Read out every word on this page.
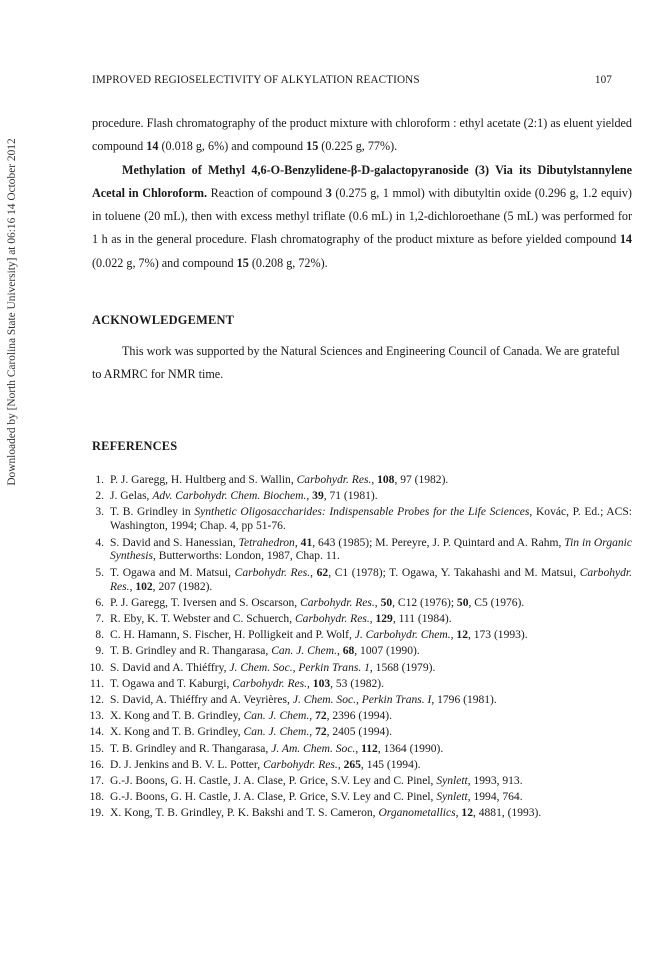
IMPROVED REGIOSELECTIVITY OF ALKYLATION REACTIONS	107
Downloaded by [North Carolina State University] at 06:16 14 October 2012

procedure. Flash chromatography of the product mixture with chloroform : ethyl acetate (2:1) as eluent yielded compound 14 (0.018 g, 6%) and compound 15 (0.225 g, 77%).

Methylation of Methyl 4,6-O-Benzylidene-β-D-galactopyranoside (3) Via its Dibutylstannylene Acetal in Chloroform. Reaction of compound 3 (0.275 g, 1 mmol) with dibutyltin oxide (0.296 g, 1.2 equiv) in toluene (20 mL), then with excess methyl triflate (0.6 mL) in 1,2-dichloroethane (5 mL) was performed for 1 h as in the general procedure. Flash chromatography of the product mixture as before yielded compound 14 (0.022 g, 7%) and compound 15 (0.208 g, 72%).

ACKNOWLEDGEMENT

This work was supported by the Natural Sciences and Engineering Council of Canada. We are grateful to ARMRC for NMR time.

REFERENCES
1. P. J. Garegg, H. Hultberg and S. Wallin, Carbohydr. Res., 108, 97 (1982).
2. J. Gelas, Adv. Carbohydr. Chem. Biochem., 39, 71 (1981).
3. T. B. Grindley in Synthetic Oligosaccharides: Indispensable Probes for the Life Sciences, Kovác, P. Ed.; ACS: Washington, 1994; Chap. 4, pp 51-76.
4. S. David and S. Hanessian, Tetrahedron, 41, 643 (1985); M. Pereyre, J. P. Quintard and A. Rahm, Tin in Organic Synthesis, Butterworths: London, 1987, Chap. 11.
5. T. Ogawa and M. Matsui, Carbohydr. Res., 62, C1 (1978); T. Ogawa, Y. Takahashi and M. Matsui, Carbohydr. Res., 102, 207 (1982).
6. P. J. Garegg, T. Iversen and S. Oscarson, Carbohydr. Res., 50, C12 (1976); 50, C5 (1976).
7. R. Eby, K. T. Webster and C. Schuerch, Carbohydr. Res., 129, 111 (1984).
8. C. H. Hamann, S. Fischer, H. Polligkeit and P. Wolf, J. Carbohydr. Chem., 12, 173 (1993).
9. T. B. Grindley and R. Thangarasa, Can. J. Chem., 68, 1007 (1990).
10. S. David and A. Thiéffry, J. Chem. Soc., Perkin Trans. 1, 1568 (1979).
11. T. Ogawa and T. Kaburgi, Carbohydr. Res., 103, 53 (1982).
12. S. David, A. Thiéffry and A. Veyrières, J. Chem. Soc., Perkin Trans. I, 1796 (1981).
13. X. Kong and T. B. Grindley, Can. J. Chem., 72, 2396 (1994).
14. X. Kong and T. B. Grindley, Can. J. Chem., 72, 2405 (1994).
15. T. B. Grindley and R. Thangarasa, J. Am. Chem. Soc., 112, 1364 (1990).
16. D. J. Jenkins and B. V. L. Potter, Carbohydr. Res., 265, 145 (1994).
17. G.-J. Boons, G. H. Castle, J. A. Clase, P. Grice, S.V. Ley and C. Pinel, Synlett, 1993, 913.
18. G.-J. Boons, G. H. Castle, J. A. Clase, P. Grice, S.V. Ley and C. Pinel, Synlett, 1994, 764.
19. X. Kong, T. B. Grindley, P. K. Bakshi and T. S. Cameron, Organometallics, 12, 4881, (1993).
